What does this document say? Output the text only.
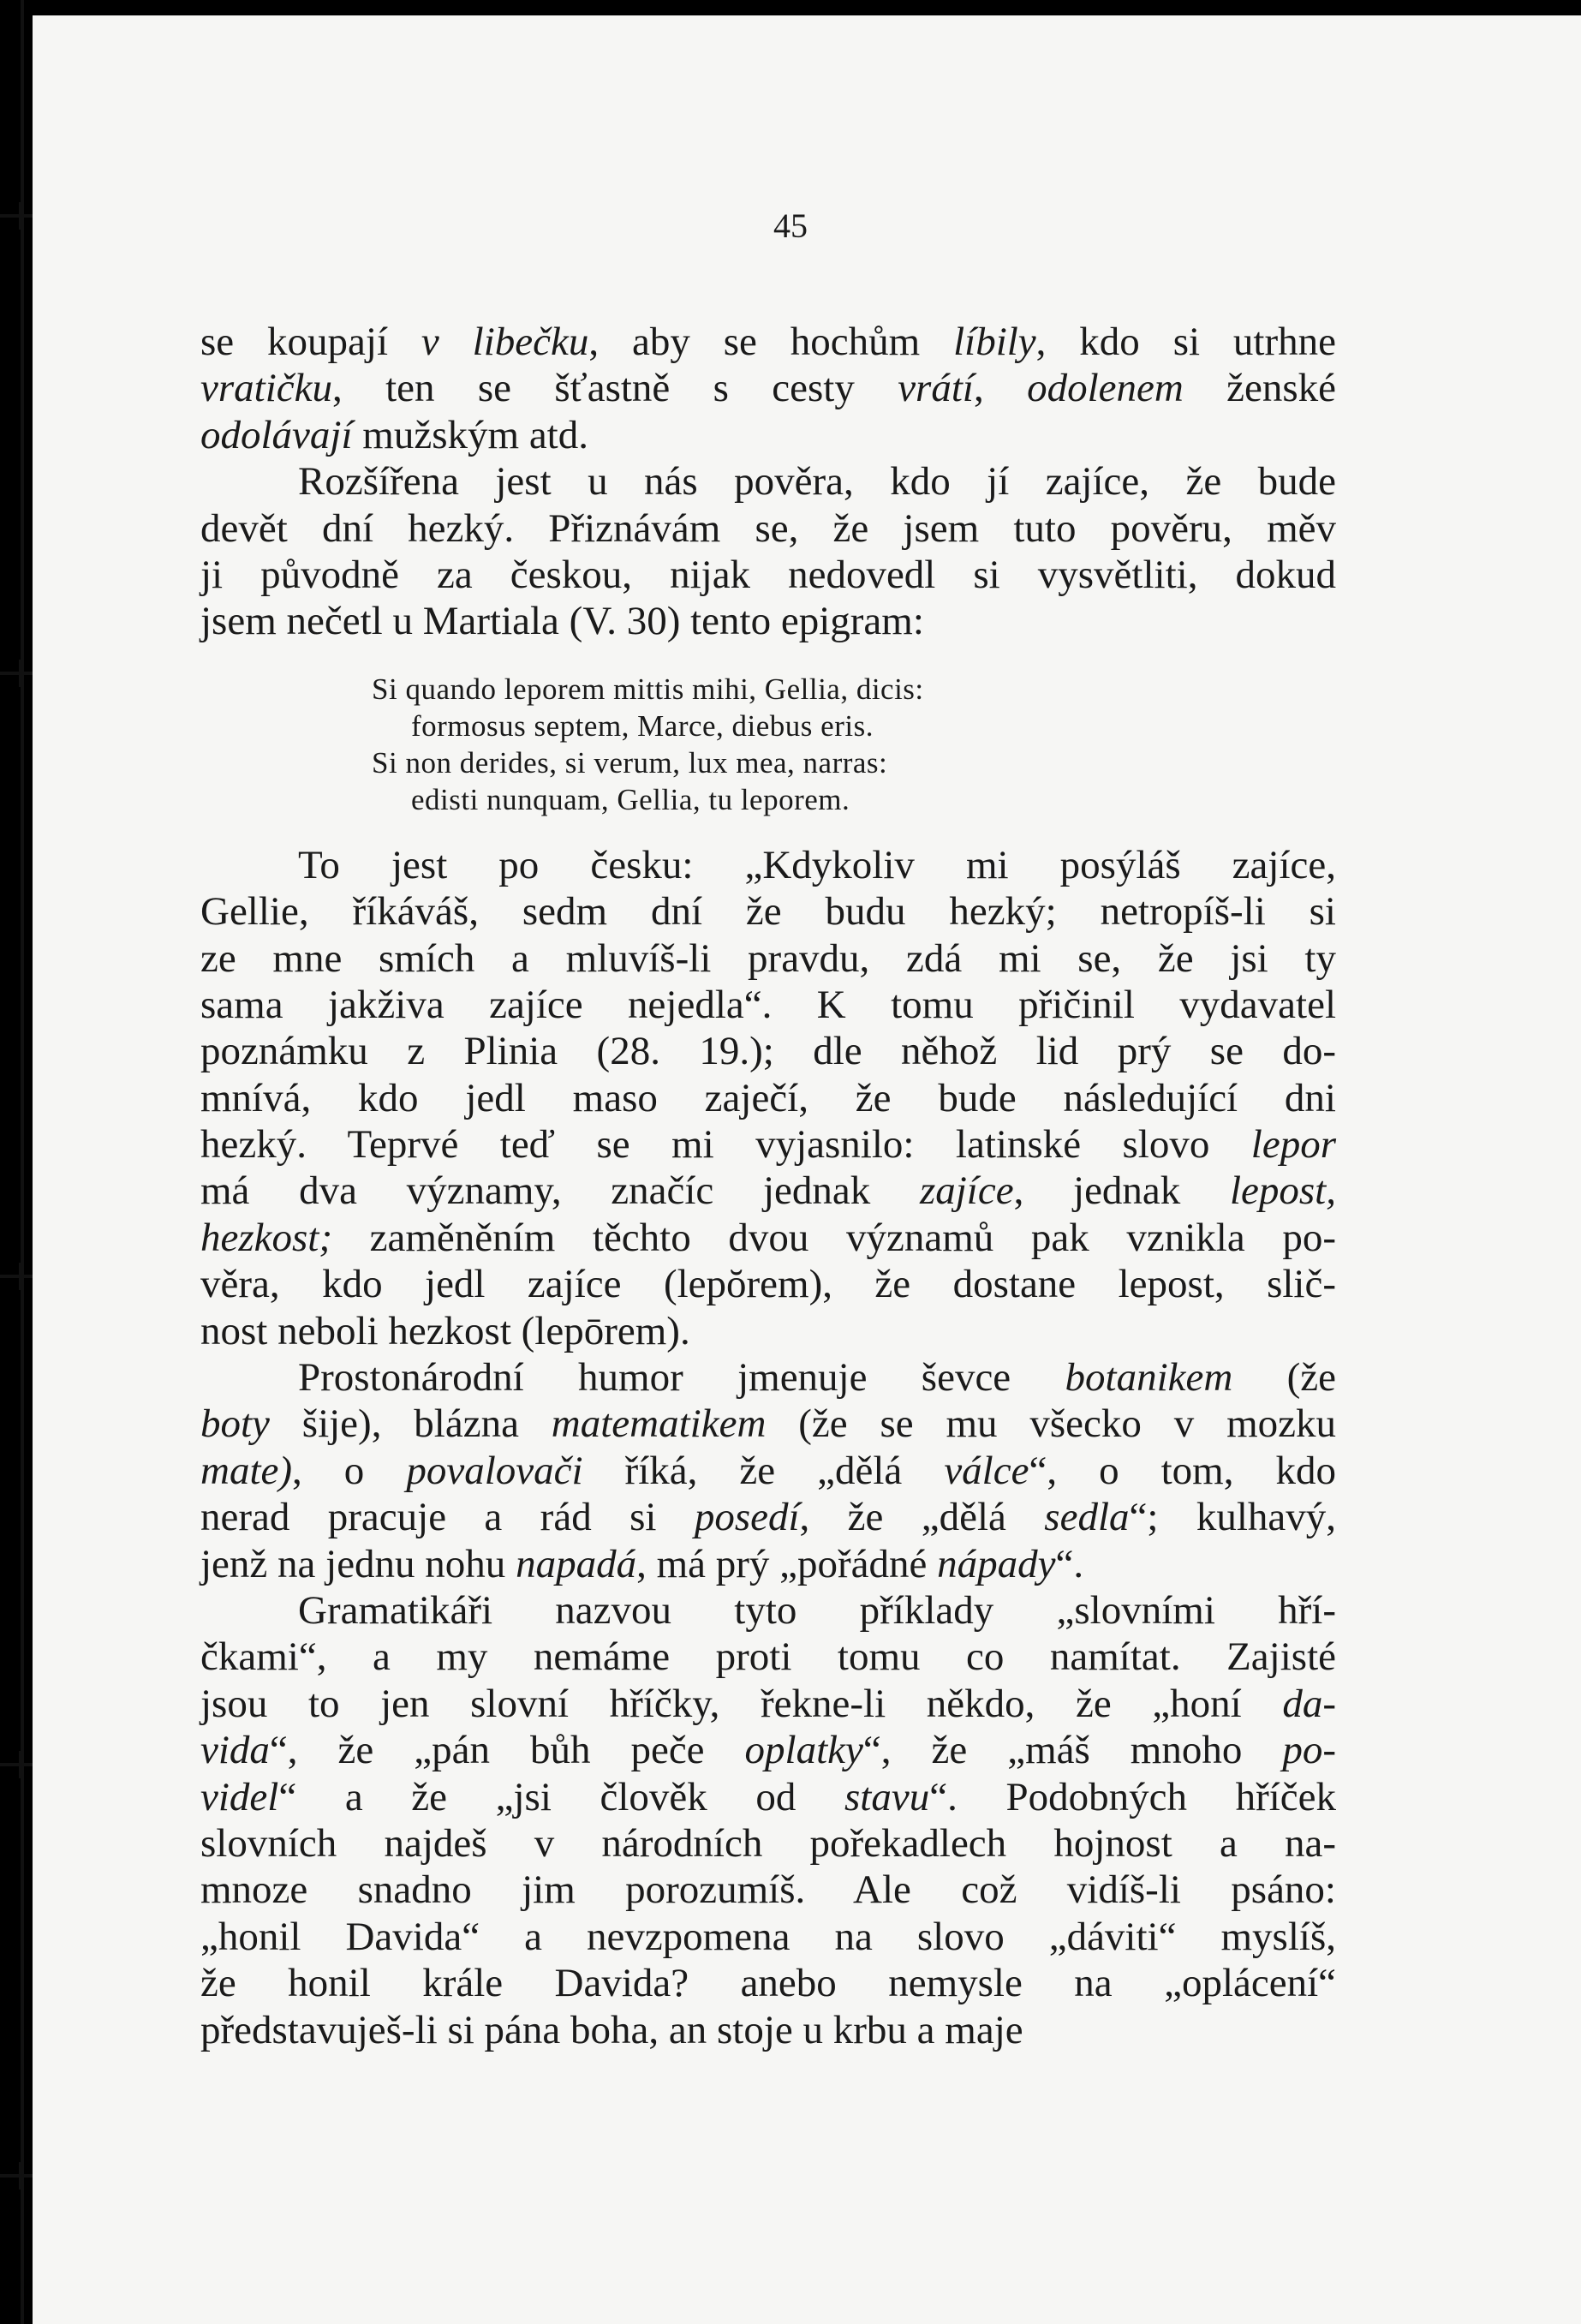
45
se koupají v libečku, aby se hochům líbily, kdo si utrhne
vratičku, ten se šťastně s cesty vrátí, odolenem ženské
odolávají mužským atd.
Rozšířena jest u nás pověra, kdo jí zajíce, že bude
devět dní hezký. Přiznávám se, že jsem tuto pověru, měv
ji původně za českou, nijak nedovedl si vysvětliti, dokud
jsem nečetl u Martiala (V. 30) tento epigram:
Si quando leporem mittis mihi, Gellia, dicis:
formosus septem, Marce, diebus eris.
Si non derides, si verum, lux mea, narras:
edisti nunquam, Gellia, tu leporem.
To jest po česku: „Kdykoliv mi posýláš zajíce,
Gellie, říkáváš, sedm dní že budu hezký; netropíš-li si
ze mne smích a mluvíš-li pravdu, zdá mi se, že jsi ty
sama jakživa zajíce nejedla“. K tomu přičinil vydavatel
poznámku z Plinia (28. 19.); dle něhož lid prý se do-
mnívá, kdo jedl maso zaječí, že bude následující dni
hezký. Teprvé teď se mi vyjasnilo: latinské slovo lepor
má dva významy, značíc jednak zajíce, jednak lepost,
hezkost; zaměněním těchto dvou významů pak vznikla po-
věra, kdo jedl zajíce (lepŏrem), že dostane lepost, slič-
nost neboli hezkost (lepōrem).
Prostonárodní humor jmenuje ševce botanikem (že
boty šije), blázna matematikem (že se mu všecko v mozku
mate), o povalovači říká, že „dělá válce“, o tom, kdo
nerad pracuje a rád si posedí, že „dělá sedla“; kulhavý,
jenž na jednu nohu napadá, má prý „pořádné nápady“.
Gramatikáři nazvou tyto příklady „slovními hří-
čkami“, a my nemáme proti tomu co namítat. Zajisté
jsou to jen slovní hříčky, řekne-li někdo, že „honí da-
vida“, že „pán bůh peče oplatky“, že „máš mnoho po-
videl“ a že „jsi člověk od stavu“. Podobných hříček
slovních najdeš v národních pořekadlech hojnost a na-
mnoze snadno jim porozumíš. Ale což vidíš-li psáno:
„honil Davida“ a nevzpomena na slovo „dáviti“ myslíš,
že honil krále Davida? anebo nemysle na „oplácení“
představuješ-li si pána boha, an stoje u krbu a maje
